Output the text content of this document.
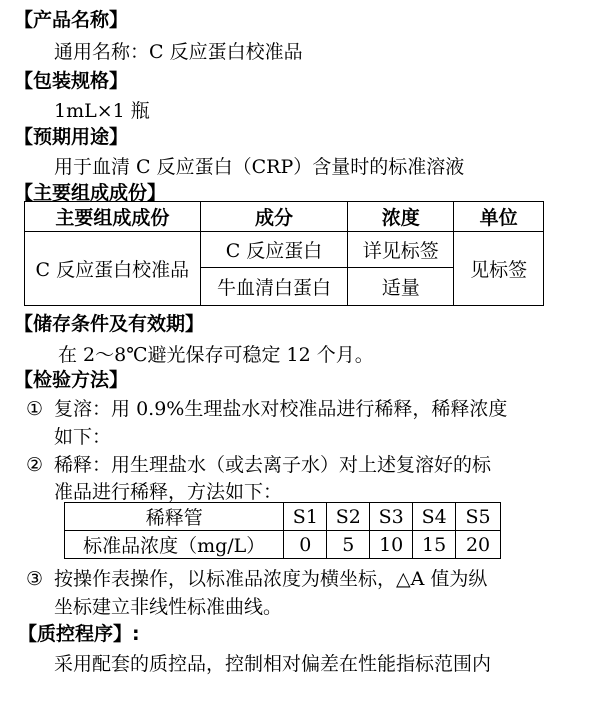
【产品名称】
通用名称：C 反应蛋白校准品
【包装规格】
1mL×1 瓶
【预期用途】
用于血清 C 反应蛋白（CRP）含量时的标准溶液
【主要组成成份】
主要组成成份	成分	浓度	单位
C 反应蛋白校准品	C 反应蛋白	详见标签	见标签
	牛血清白蛋白	适量	
【储存条件及有效期】
在 2～8℃避光保存可稳定 12 个月。
【检验方法】
① 复溶：用 0.9%生理盐水对校准品进行稀释，稀释浓度
如下：
② 稀释：用生理盐水（或去离子水）对上述复溶好的标
准品进行稀释，方法如下：
稀释管	S1	S2	S3	S4	S5
标准品浓度（mg/L）	0	5	10	15	20
③ 按操作表操作，以标准品浓度为横坐标，△A 值为纵
坐标建立非线性标准曲线。
【质控程序】:
采用配套的质控品，控制相对偏差在性能指标范围内
